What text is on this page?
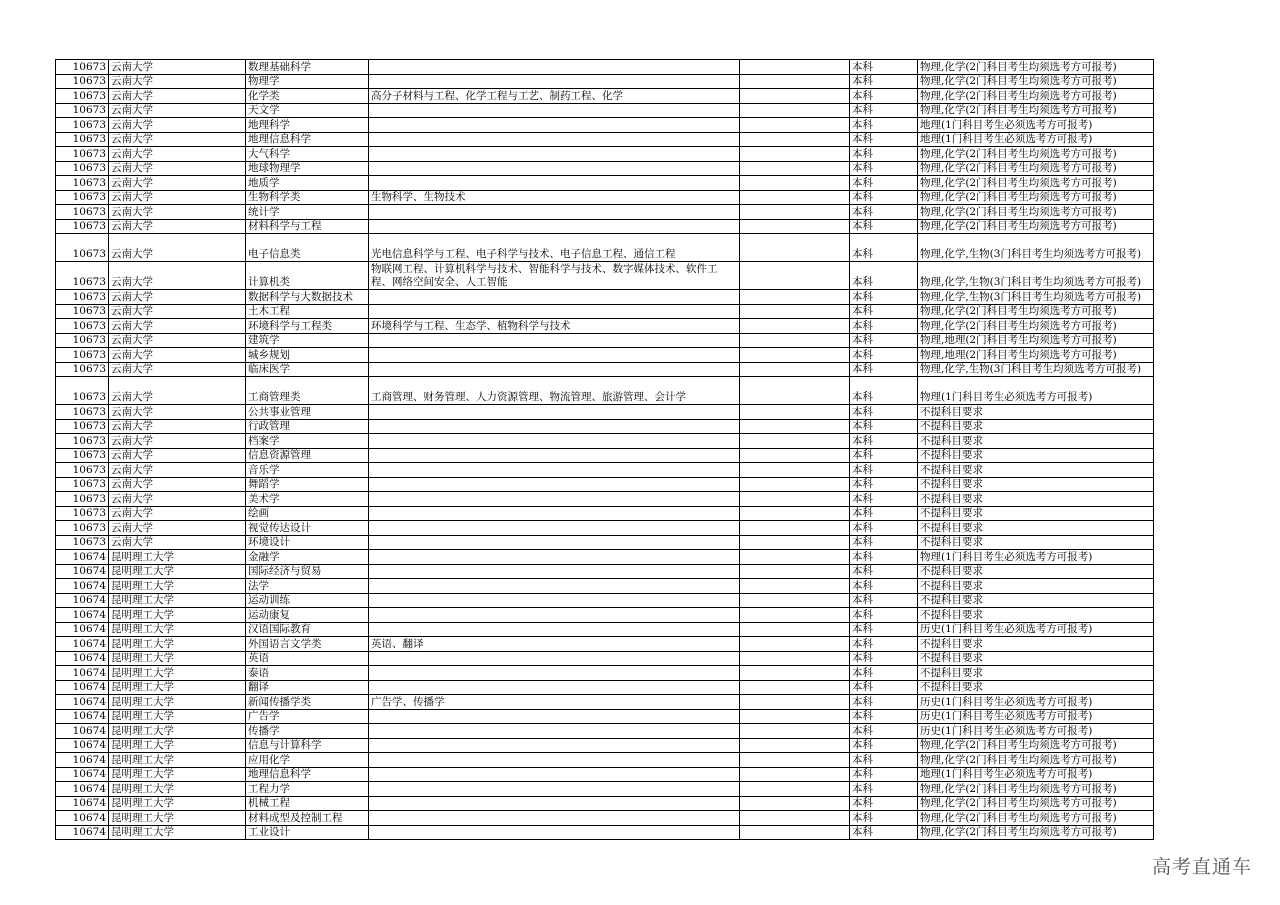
10673	云南大学	数理基础科学			本科	物理,化学(2门科目考生均须选考方可报考)
10673	云南大学	物理学			本科	物理,化学(2门科目考生均须选考方可报考)
10673	云南大学	化学类	高分子材料与工程、化学工程与工艺、制药工程、化学		本科	物理,化学(2门科目考生均须选考方可报考)
10673	云南大学	天文学			本科	物理,化学(2门科目考生均须选考方可报考)
10673	云南大学	地理科学			本科	地理(1门科目考生必须选考方可报考)
10673	云南大学	地理信息科学			本科	地理(1门科目考生必须选考方可报考)
10673	云南大学	大气科学			本科	物理,化学(2门科目考生均须选考方可报考)
10673	云南大学	地球物理学			本科	物理,化学(2门科目考生均须选考方可报考)
10673	云南大学	地质学			本科	物理,化学(2门科目考生均须选考方可报考)
10673	云南大学	生物科学类	生物科学、生物技术		本科	物理,化学(2门科目考生均须选考方可报考)
10673	云南大学	统计学			本科	物理,化学(2门科目考生均须选考方可报考)
10673	云南大学	材料科学与工程			本科	物理,化学(2门科目考生均须选考方可报考)
10673	云南大学	电子信息类	光电信息科学与工程、电子科学与技术、电子信息工程、通信工程		本科	物理,化学,生物(3门科目考生均须选考方可报考)
10673	云南大学	计算机类	物联网工程、计算机科学与技术、智能科学与技术、数字媒体技术、软件工程、网络空间安全、人工智能		本科	物理,化学,生物(3门科目考生均须选考方可报考)
10673	云南大学	数据科学与大数据技术			本科	物理,化学,生物(3门科目考生均须选考方可报考)
10673	云南大学	土木工程			本科	物理,化学(2门科目考生均须选考方可报考)
10673	云南大学	环境科学与工程类	环境科学与工程、生态学、植物科学与技术		本科	物理,化学(2门科目考生均须选考方可报考)
10673	云南大学	建筑学			本科	物理,地理(2门科目考生均须选考方可报考)
10673	云南大学	城乡规划			本科	物理,地理(2门科目考生均须选考方可报考)
10673	云南大学	临床医学			本科	物理,化学,生物(3门科目考生均须选考方可报考)
10673	云南大学	工商管理类	工商管理、财务管理、人力资源管理、物流管理、旅游管理、会计学		本科	物理(1门科目考生必须选考方可报考)
10673	云南大学	公共事业管理			本科	不提科目要求
10673	云南大学	行政管理			本科	不提科目要求
10673	云南大学	档案学			本科	不提科目要求
10673	云南大学	信息资源管理			本科	不提科目要求
10673	云南大学	音乐学			本科	不提科目要求
10673	云南大学	舞蹈学			本科	不提科目要求
10673	云南大学	美术学			本科	不提科目要求
10673	云南大学	绘画			本科	不提科目要求
10673	云南大学	视觉传达设计			本科	不提科目要求
10673	云南大学	环境设计			本科	不提科目要求
10674	昆明理工大学	金融学			本科	物理(1门科目考生必须选考方可报考)
10674	昆明理工大学	国际经济与贸易			本科	不提科目要求
10674	昆明理工大学	法学			本科	不提科目要求
10674	昆明理工大学	运动训练			本科	不提科目要求
10674	昆明理工大学	运动康复			本科	不提科目要求
10674	昆明理工大学	汉语国际教育			本科	历史(1门科目考生必须选考方可报考)
10674	昆明理工大学	外国语言文学类	英语、翻译		本科	不提科目要求
10674	昆明理工大学	英语			本科	不提科目要求
10674	昆明理工大学	泰语			本科	不提科目要求
10674	昆明理工大学	翻译			本科	不提科目要求
10674	昆明理工大学	新闻传播学类	广告学、传播学		本科	历史(1门科目考生必须选考方可报考)
10674	昆明理工大学	广告学			本科	历史(1门科目考生必须选考方可报考)
10674	昆明理工大学	传播学			本科	历史(1门科目考生必须选考方可报考)
10674	昆明理工大学	信息与计算科学			本科	物理,化学(2门科目考生均须选考方可报考)
10674	昆明理工大学	应用化学			本科	物理,化学(2门科目考生均须选考方可报考)
10674	昆明理工大学	地理信息科学			本科	地理(1门科目考生必须选考方可报考)
10674	昆明理工大学	工程力学			本科	物理,化学(2门科目考生均须选考方可报考)
10674	昆明理工大学	机械工程			本科	物理,化学(2门科目考生均须选考方可报考)
10674	昆明理工大学	材料成型及控制工程			本科	物理,化学(2门科目考生均须选考方可报考)
10674	昆明理工大学	工业设计			本科	物理,化学(2门科目考生均须选考方可报考)
高考直通车
